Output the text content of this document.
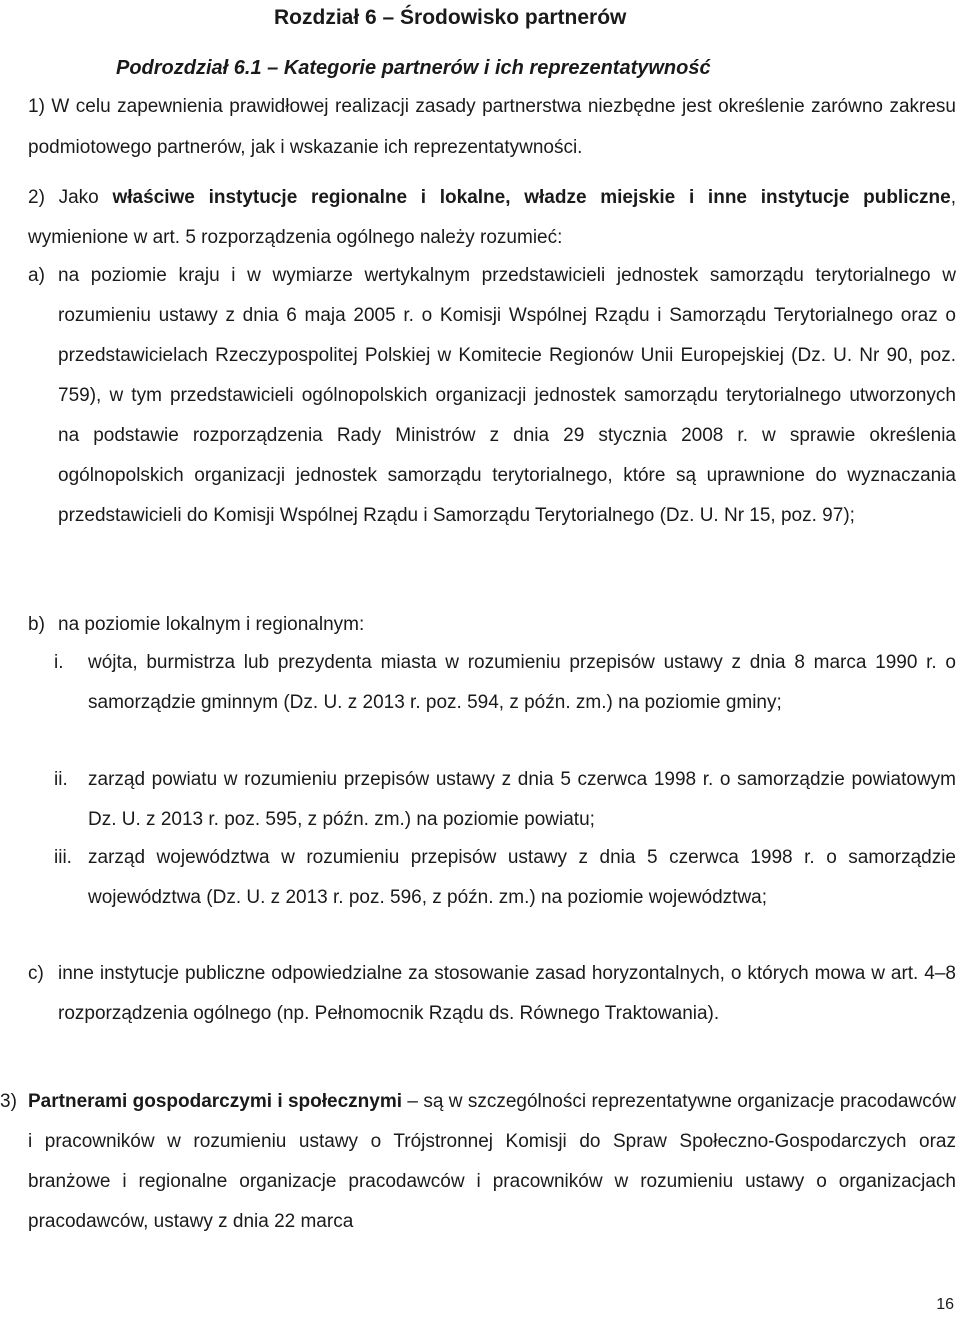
Rozdział 6 – Środowisko partnerów
Podrozdział 6.1 – Kategorie partnerów i ich reprezentatywność
1) W celu zapewnienia prawidłowej realizacji zasady partnerstwa niezbędne jest określenie zarówno zakresu podmiotowego partnerów, jak i wskazanie ich reprezentatywności.
2) Jako właściwe instytucje regionalne i lokalne, władze miejskie i inne instytucje publiczne, wymienione w art. 5 rozporządzenia ogólnego należy rozumieć:
a) na poziomie kraju i w wymiarze wertykalnym przedstawicieli jednostek samorządu terytorialnego w rozumieniu ustawy z dnia 6 maja 2005 r. o Komisji Wspólnej Rządu i Samorządu Terytorialnego oraz o przedstawicielach Rzeczypospolitej Polskiej w Komitecie Regionów Unii Europejskiej (Dz. U. Nr 90, poz. 759), w tym przedstawicieli ogólnopolskich organizacji jednostek samorządu terytorialnego utworzonych na podstawie rozporządzenia Rady Ministrów z dnia 29 stycznia 2008 r. w sprawie określenia ogólnopolskich organizacji jednostek samorządu terytorialnego, które są uprawnione do wyznaczania przedstawicieli do Komisji Wspólnej Rządu i Samorządu Terytorialnego (Dz. U. Nr 15, poz. 97);
b) na poziomie lokalnym i regionalnym:
i. wójta, burmistrza lub prezydenta miasta w rozumieniu przepisów ustawy z dnia 8 marca 1990 r. o samorządzie gminnym (Dz. U. z 2013 r. poz. 594, z późn. zm.) na poziomie gminy;
ii. zarząd powiatu w rozumieniu przepisów ustawy z dnia 5 czerwca 1998 r. o samorządzie powiatowym Dz. U. z 2013 r. poz. 595, z późn. zm.) na poziomie powiatu;
iii. zarząd województwa w rozumieniu przepisów ustawy z dnia 5 czerwca 1998 r. o samorządzie województwa (Dz. U. z 2013 r. poz. 596, z późn. zm.) na poziomie województwa;
c) inne instytucje publiczne odpowiedzialne za stosowanie zasad horyzontalnych, o których mowa w art. 4–8 rozporządzenia ogólnego (np. Pełnomocnik Rządu ds. Równego Traktowania).
3) Partnerami gospodarczymi i społecznymi – są w szczególności reprezentatywne organizacje pracodawców i pracowników w rozumieniu ustawy o Trójstronnej Komisji do Spraw Społeczno-Gospodarczych oraz branżowe i regionalne organizacje pracodawców i pracowników w rozumieniu ustawy o organizacjach pracodawców, ustawy z dnia 22 marca
16
